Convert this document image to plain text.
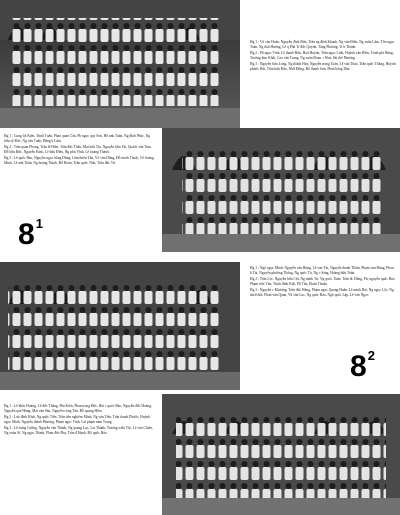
Hg 1 : Võ văn Hoàn, Nguyễn đình Bửu, Trần ng đình Khanh, Ng văn Điền, Ng xuân Lâm, Tôn ngọc Toàn, Ng thái Hương, Lê q Phú Tr đức Quỳnh, Tăng Phương, Tr b Thành.

Hg 2 : Ph ngọc Vinh, Lê thanh Bửu, Hoà Huỳnh, Trần ngọc Linh, Huỳnh văn Hiền, Trịnh phi Hùng, Trương kim Khôi, Cao văn Trung, Ng xuân Đoan + Hoà, Sài thế Phương.

Hg 3 : Nguyễn bửu Long, Ng thành Huy, Nguyễn trọng Toàn, Lê văn Thảo, Trần quốc Thắng, Huỳnh phước Hải, Trần hữu Hào, Nhữ Đông, Đỗ thanh Sơn, Phan hồng Dân.

Hg 1 : Cung lợi Kiên, Trịnh Tuấn, Phan quan Cẩn, Ph ngọc quy Sơn, Hồ anh Tuấn, Ng đình Phúc, Ng hữu sỹ Đức, Ng văn Tuấn, Đặng h Lâm.

Hg 2 : Trần quan Phong, Trần lê Hiền, Trần đức Thân, Mai hữu Tín, Nguyễn hữu Tài, Quách văn Tam, Đỗ hữu Đức, Nguyễn Kinh, Lê hữu Điều, Hg phú Vĩnh, Lê hoàng Thành.

Hg 3 : Lê quốc Bảo, Nguyễn ngọc hùng Dũng, Lâm thiên Tân, Võ văn Dũng, Đỗ minh Thuật, Võ hoàng Minh, Lê anh Tuấn, Ng hoàng Thịnh, Đỗ Hoàn, Trần quốc Thái, Trần đức Trí.

8 $^1$

Hg 1 : Ngô ngọc Minh, Nguyễn văn Hùng, Lê văn Tín, Nguyễn thanh Thâm, Phạm văn Hùng, Phan k Tài, Nguyễn phương Thông, Ng quốc Tú, Ng c Sáng, Hoàng hữu Tuấn.

Hg 2 : Trần Lộc, Nguyễn hữu Chí, Ng minh Trí, Ng quốc Tuấn, Trần đc Dũng, Ph, nguyễn quốc Bảo, Phạm tiến Văn, Trịnh đình Kiệt, Ph Tấn, Đoàn Thuận.

Hg 3 : Nguyễn c Khương, Trần đức Hùng, Phạm ngọc Quang Huấn, Lê minh Hải, Ng ngọc Lộc, Ng tấn Khôi, Phan văn Quan, Vũ văn Lục, Ng quốc Bảo, Ngô quốc Lập, Lê văn Ngọc.

8 $^2$

Hg 1 : Lê khắc Hoàng, Lê đức Thắng, Bùi Kiên, Phan trọng Đức, Bùi c quốc Bảo, Nguyễn đức Hoàng, Nguyễn quế Hùng, Mai văn Sâu, Nguyễn công Tân, Đỗ quang Hiền.

Hg 2 : Lưu đình Khải, Ng quốc Tiến, Trần tiến nghiêm Minh, Ng văn Tiến, Trần thanh Phước, Huỳnh ngọc Minh, Nguyễn thành Phương, Phạm ngọc Vinh, Lai phạm nam Trung.

Hg 3 : Lê trọng Cường, Nguyễn văn Thành, Ng quang Lục, Lai Thành, Trương triều Thi, Lê văn Chiến, Ng xuân Sĩ, Ng ngọc Thành, Phan đức Phụ, Trần đ Hạnh, Đỗ quốc Hảo.
